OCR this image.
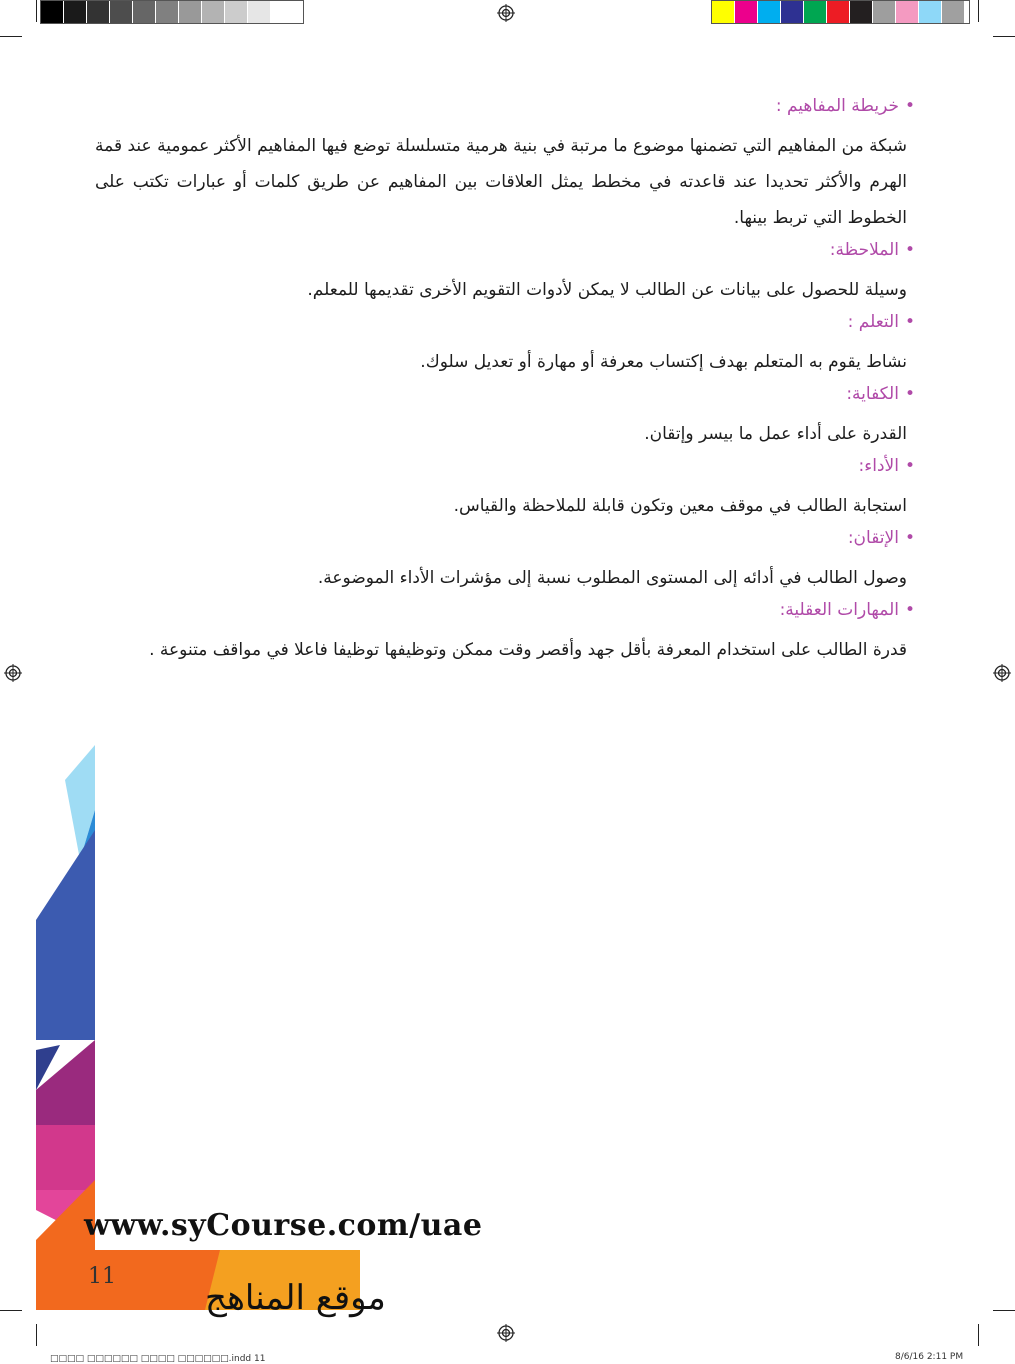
•خريطة المفاهيم :

شبكة من المفاهيم التي تضمنها موضوع ما مرتبة في بنية هرمية متسلسلة توضع فيها المفاهيم الأكثر عمومية عند قمة الهرم والأكثر تحديدا عند قاعدته في مخطط يمثل العلاقات بين المفاهيم عن طريق كلمات أو عبارات تكتب على الخطوط التي تربط بينها.

•الملاحظة:

وسيلة للحصول على بيانات عن الطالب لا يمكن لأدوات التقويم الأخرى تقديمها للمعلم.

•التعلم :

نشاط يقوم به المتعلم بهدف إكتساب معرفة أو مهارة أو تعديل سلوك.

•الكفاية:

القدرة على أداء عمل ما بيسر وإتقان.

•الأداء:

استجابة الطالب في موقف معين وتكون قابلة للملاحظة والقياس.

•الإتقان:

وصول الطالب في أدائه إلى المستوى المطلوب نسبة إلى مؤشرات الأداء الموضوعة.

•المهارات العقلية:

قدرة الطالب على استخدام المعرفة بأقل جهد وأقصر وقت ممكن وتوظيفها توظيفا فاعلا في مواقف متنوعة .

www.syCourse.com/uae
11
موقع المناهج
□□□□ □□□□□□ □□□□ □□□□□□.indd 11	8/6/16 2:11 PM
